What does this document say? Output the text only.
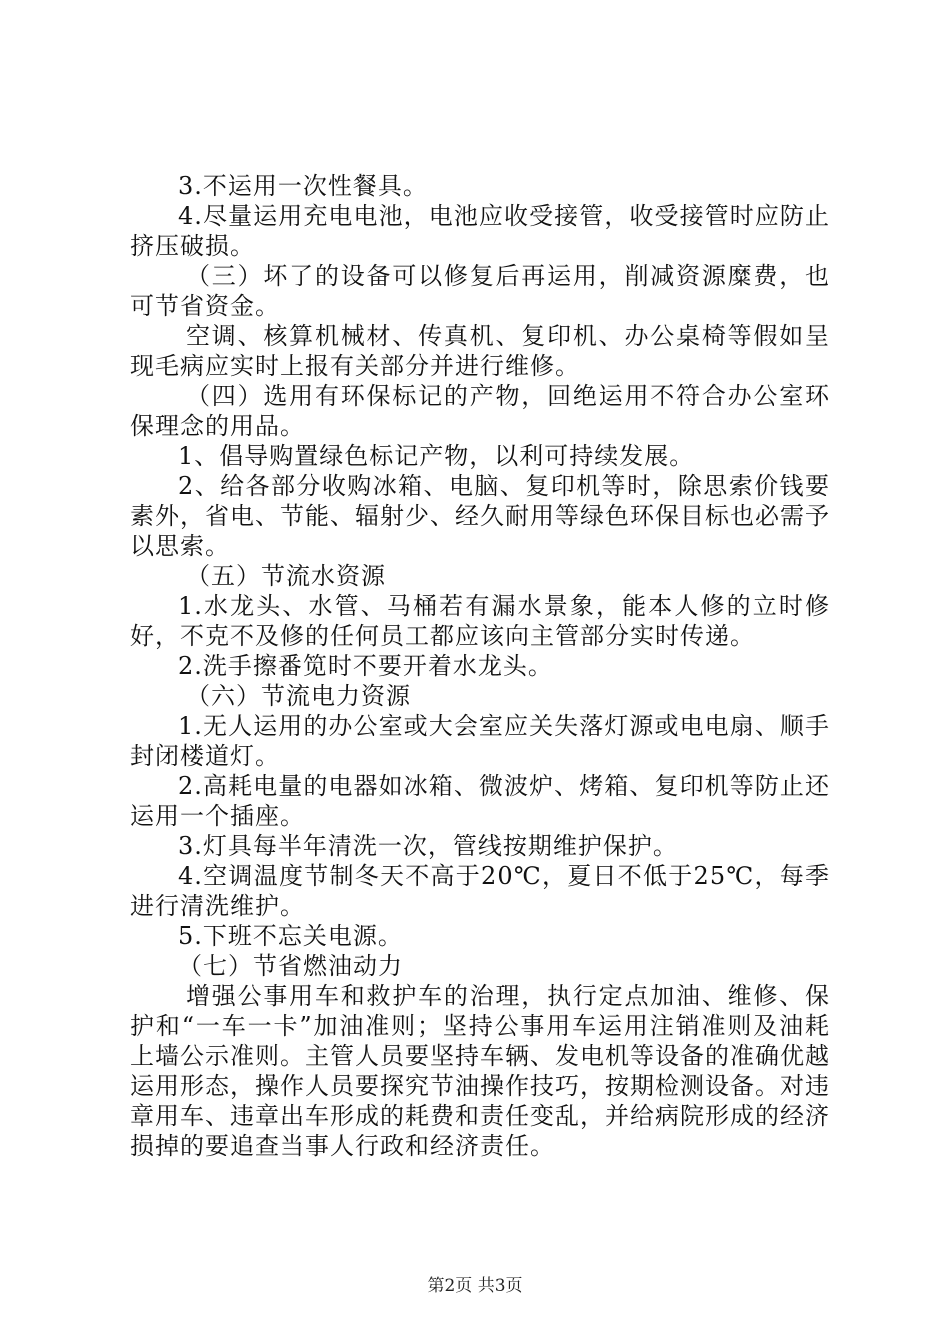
3.不运用一次性餐具。

4.尽量运用充电电池，电池应收受接管，收受接管时应防止挤压破损。

（三）坏了的设备可以修复后再运用，削减资源糜费，也可节省资金。

空调、核算机械材、传真机、复印机、办公桌椅等假如呈现毛病应实时上报有关部分并进行维修。

（四）选用有环保标记的产物，回绝运用不符合办公室环保理念的用品。

1、倡导购置绿色标记产物，以利可持续发展。

2、给各部分收购冰箱、电脑、复印机等时，除思索价钱要素外，省电、节能、辐射少、经久耐用等绿色环保目标也必需予以思索。

（五）节流水资源

1.水龙头、水管、马桶若有漏水景象，能本人修的立时修好，不克不及修的任何员工都应该向主管部分实时传递。

2.洗手擦番笕时不要开着水龙头。

（六）节流电力资源

1.无人运用的办公室或大会室应关失落灯源或电电扇、顺手封闭楼道灯。

2.高耗电量的电器如冰箱、微波炉、烤箱、复印机等防止还运用一个插座。

3.灯具每半年清洗一次，管线按期维护保护。

4.空调温度节制冬天不高于20℃，夏日不低于25℃，每季进行清洗维护。

5.下班不忘关电源。

（七）节省燃油动力

增强公事用车和救护车的治理，执行定点加油、维修、保护和“一车一卡”加油准则；坚持公事用车运用注销准则及油耗上墙公示准则。主管人员要坚持车辆、发电机等设备的准确优越运用形态，操作人员要探究节油操作技巧，按期检测设备。对违章用车、违章出车形成的耗费和责任变乱，并给病院形成的经济损掉的要追查当事人行政和经济责任。

第2页 共3页
